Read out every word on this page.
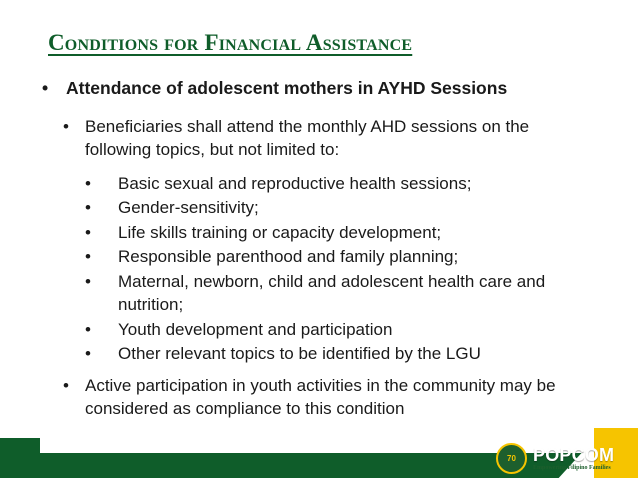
Conditions for Financial Assistance
• Attendance of adolescent mothers in AYHD Sessions
• Beneficiaries shall attend the monthly AHD sessions on the following topics, but not limited to:
• Basic sexual and reproductive health sessions;
• Gender-sensitivity;
• Life skills training or capacity development;
• Responsible parenthood and family planning;
• Maternal, newborn, child and adolescent health care and nutrition;
• Youth development and participation
• Other relevant topics to be identified by the LGU
• Active participation in youth activities in the community may be considered as compliance to this condition
70 POPCOM
Empowering Filipino Families
